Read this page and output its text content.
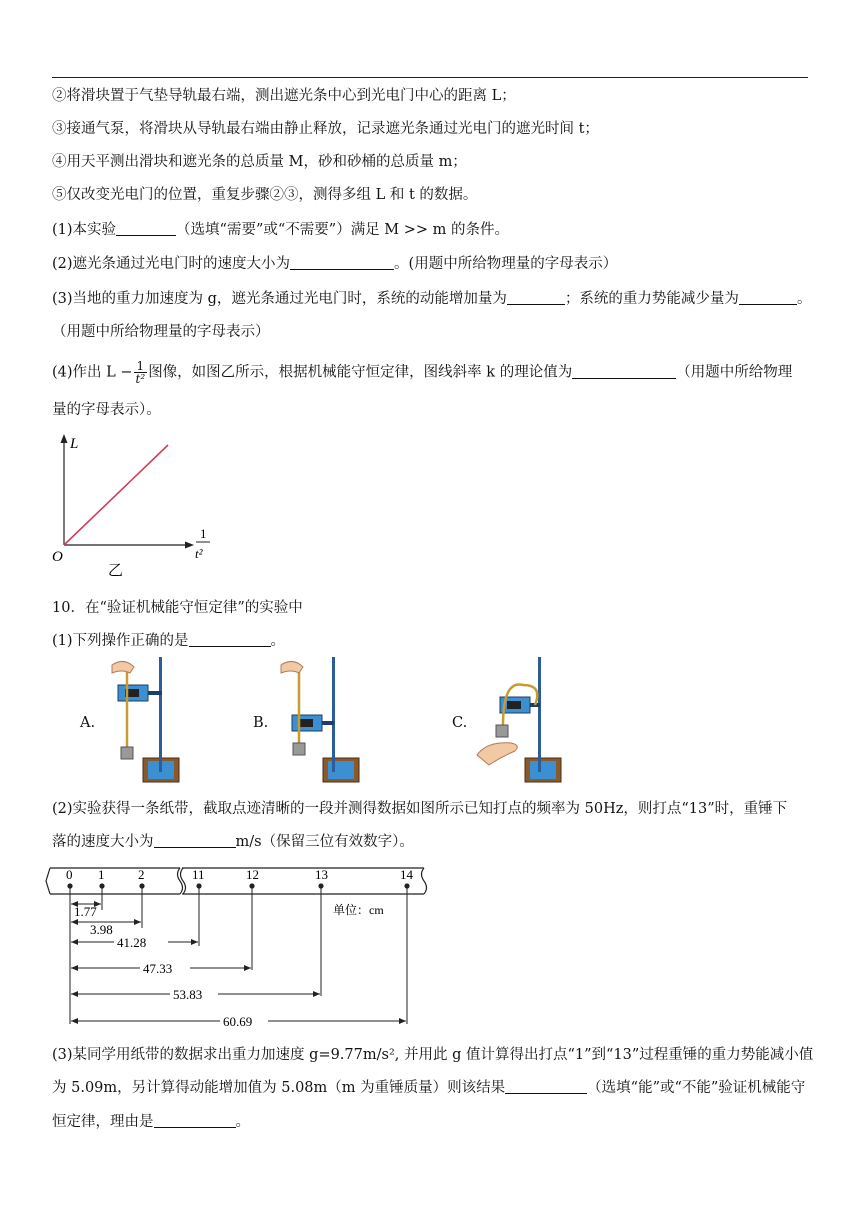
②将滑块置于气垫导轨最右端，测出遮光条中心到光电门中心的距离 L；
③接通气泵，将滑块从导轨最右端由静止释放，记录遮光条通过光电门的遮光时间 t；
④用天平测出滑块和遮光条的总质量 M，砂和砂桶的总质量 m；
⑤仅改变光电门的位置，重复步骤②③，测得多组 L 和 t 的数据。
(1)本实验	（选填“需要”或“不需要”）满足 M >> m 的条件。
(2)遮光条通过光电门时的速度大小为	。(用题中所给物理量的字母表示）
(3)当地的重力加速度为 g，遮光条通过光电门时，系统的动能增加量为	；系统的重力势能减少量为	。
（用题中所给物理量的字母表示）
(4)作出 $L - \frac{1}{\text{t²}}$ 图像，如图乙所示，根据机械能守恒定律，图线斜率 k 的理论值为	（用题中所给物理
量的字母表示）。
L
O
1
t²
乙
10．在“验证机械能守恒定律”的实验中
(1)下列操作正确的是	。
A.	B.	C.
(2)实验获得一条纸带，截取点迹清晰的一段并测得数据如图所示已知打点的频率为 50Hz，则打点“13”时，重锤下
落的速度大小为	m/s（保留三位有效数字）。
0 1	2	11	12	13	14
1.77
3.98
41.28
47.33
53.83
60.69
单位：cm
(3)某同学用纸带的数据求出重力加速度 g=9.77m/s², 并用此 g 值计算得出打点“1”到“13”过程重锤的重力势能减小值
为 5.09m，另计算得动能增加值为 5.08m（m 为重锤质量）则该结果	（选填“能”或“不能”验证机械能守
恒定律，理由是	。
